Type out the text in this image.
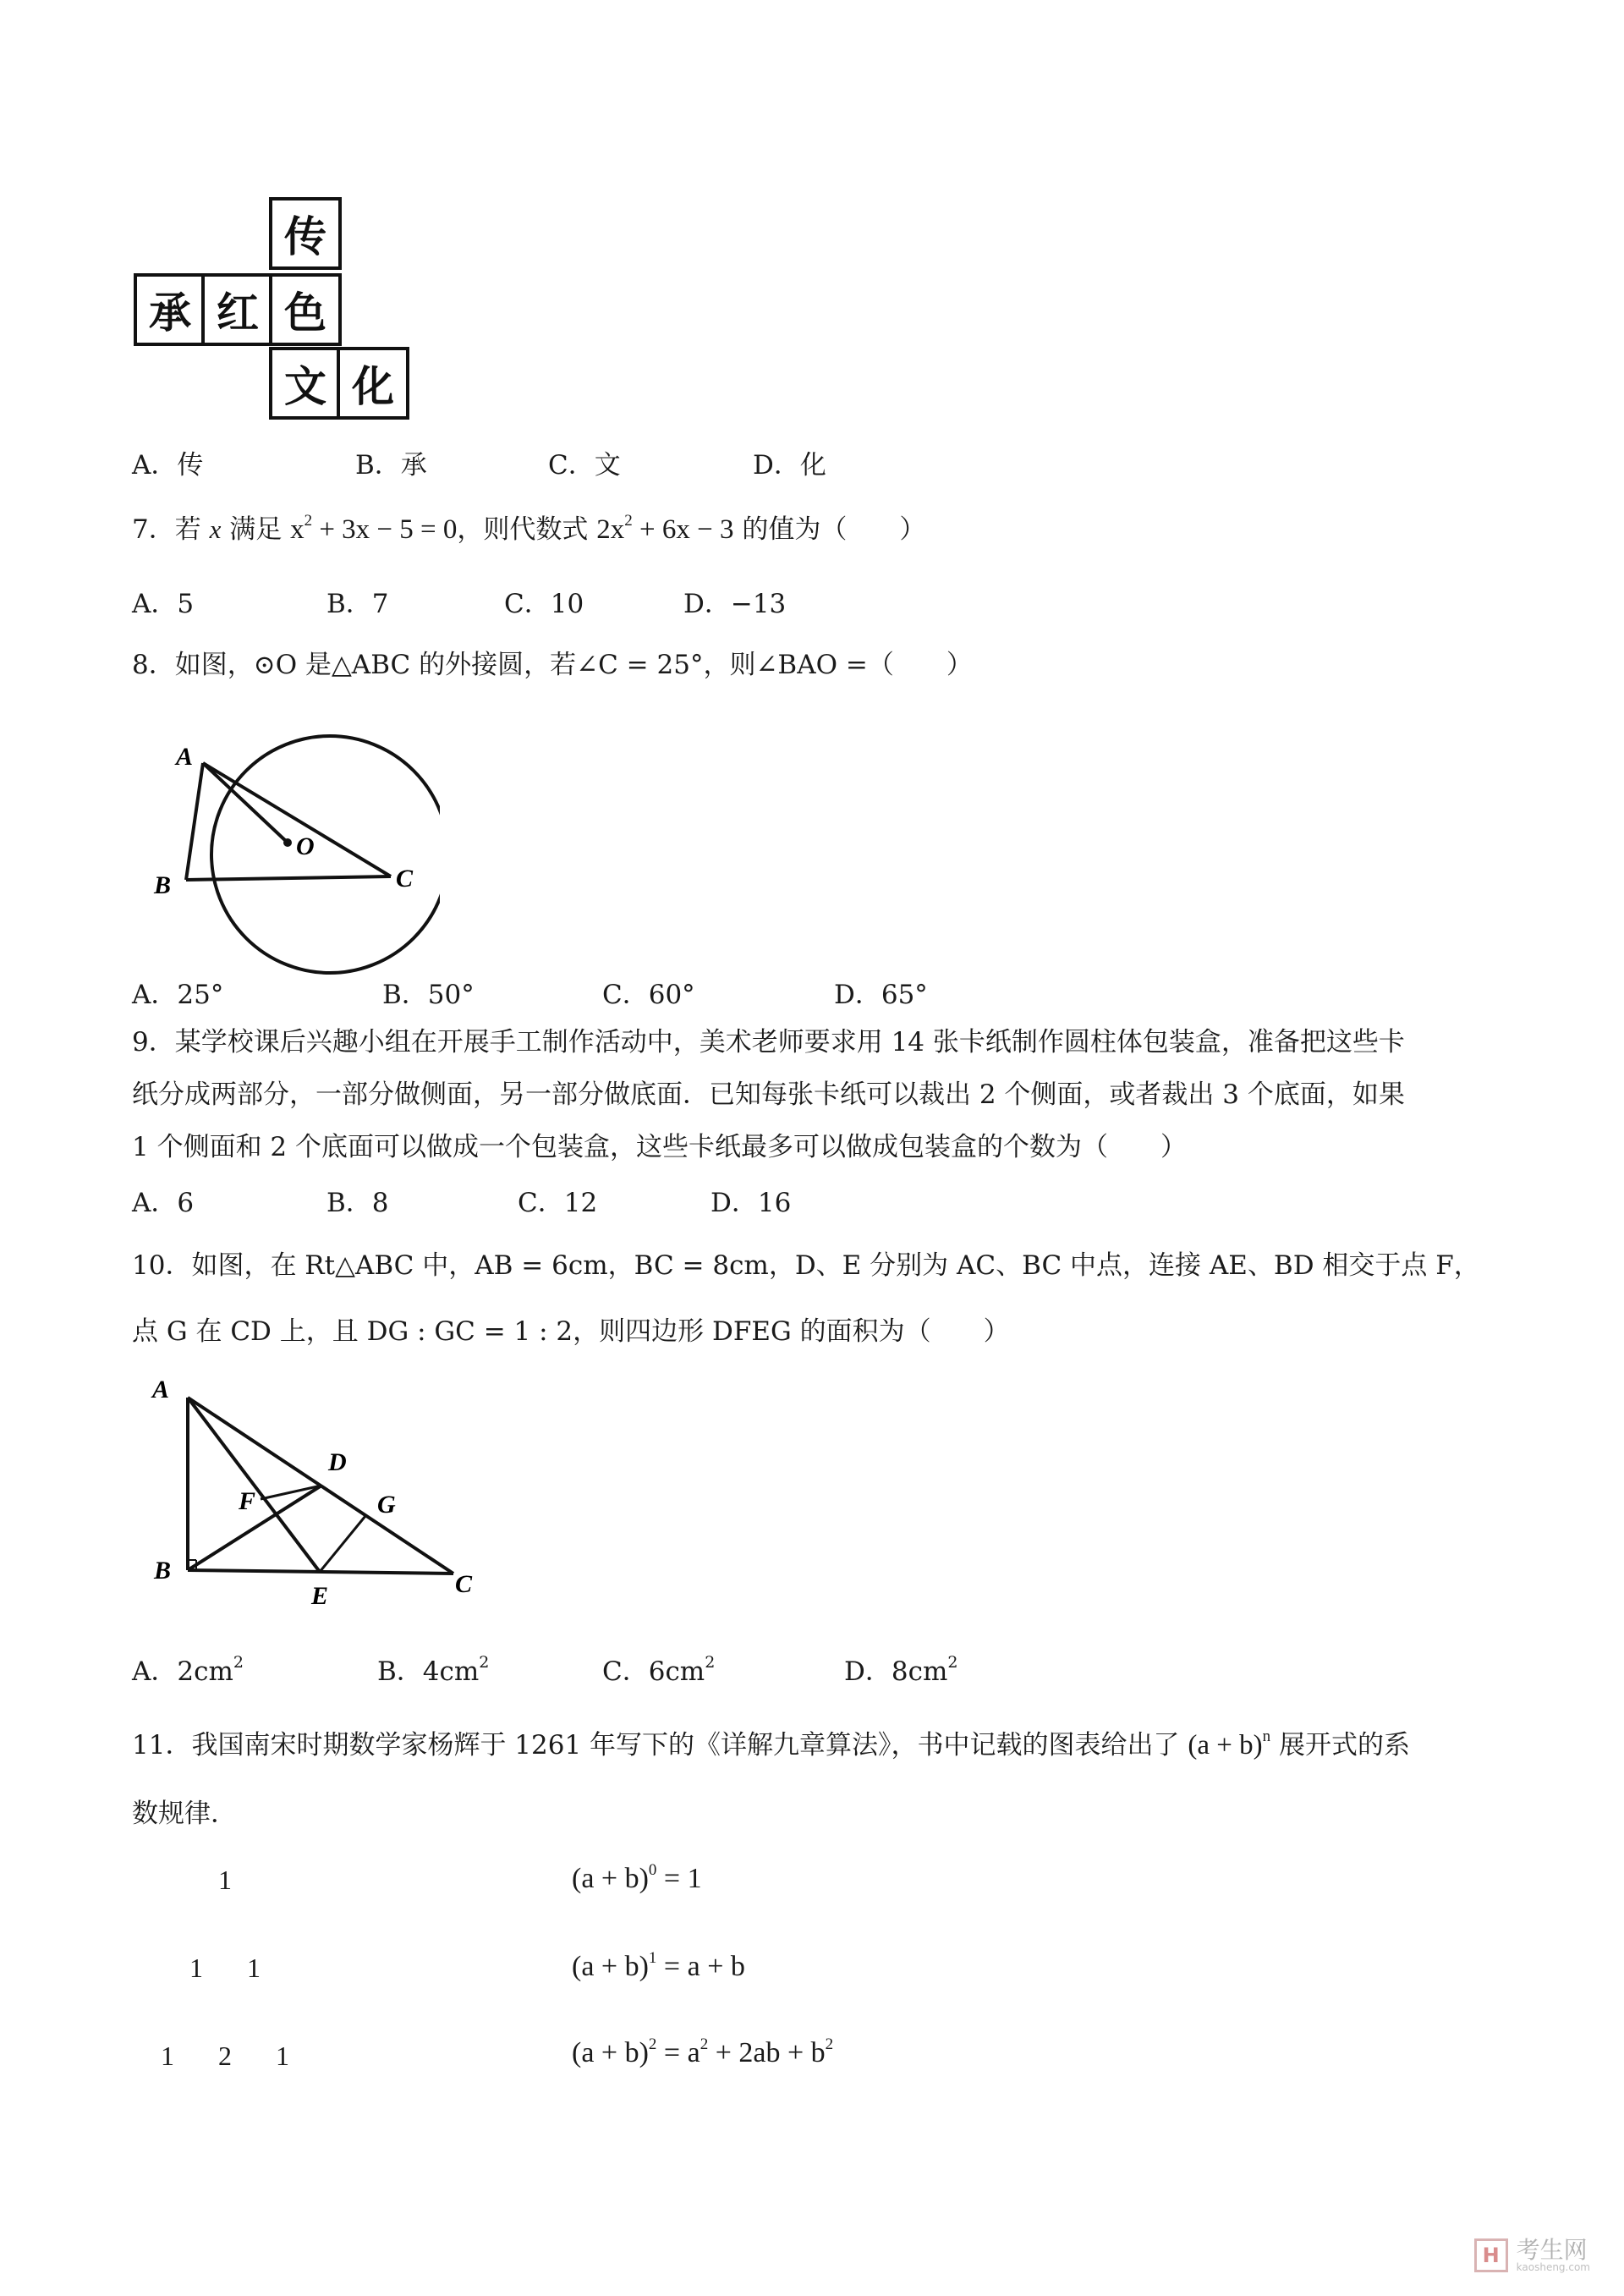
传
承 红 色
文 化
A．传	B．承	C．文	D．化
7．若 x 满足 $x^2 + 3x - 5 = 0$，则代数式 $2x^2 + 6x - 3$ 的值为（　　）
A．5	B．7	C．10	D．−13
8．如图，⊙O 是△ABC 的外接圆，若∠C = 25°，则∠BAO =（　　）
A
B	C
O
A．25°	B．50°	C．60°	D．65°
9．某学校课后兴趣小组在开展手工制作活动中，美术老师要求用 14 张卡纸制作圆柱体包装盒，准备把这些卡
纸分成两部分，一部分做侧面，另一部分做底面．已知每张卡纸可以裁出 2 个侧面，或者裁出 3 个底面，如果
1 个侧面和 2 个底面可以做成一个包装盒，这些卡纸最多可以做成包装盒的个数为（　　）
A．6	B．8	C．12	D．16
10．如图，在 Rt△ABC 中，AB = 6cm，BC = 8cm，D、E 分别为 AC、BC 中点，连接 AE、BD 相交于点 F，
点 G 在 CD 上，且 DG : GC = 1 : 2，则四边形 DFEG 的面积为（　　）
A
B	C
D
E
F	G
A．$2cm^2$	B．$4cm^2$	C．$6cm^2$	D．$8cm^2$
11．我国南宋时期数学家杨辉于 1261 年写下的《详解九章算法》，书中记载的图表给出了 $(a + b)^n$ 展开式的系
数规律．
1	$(a + b)^0 = 1$
1 1	$(a + b)^1 = a + b$
1 2 1	$(a + b)^2 = a^2 + 2ab + b^2$
H 考生网
kaosheng.com
